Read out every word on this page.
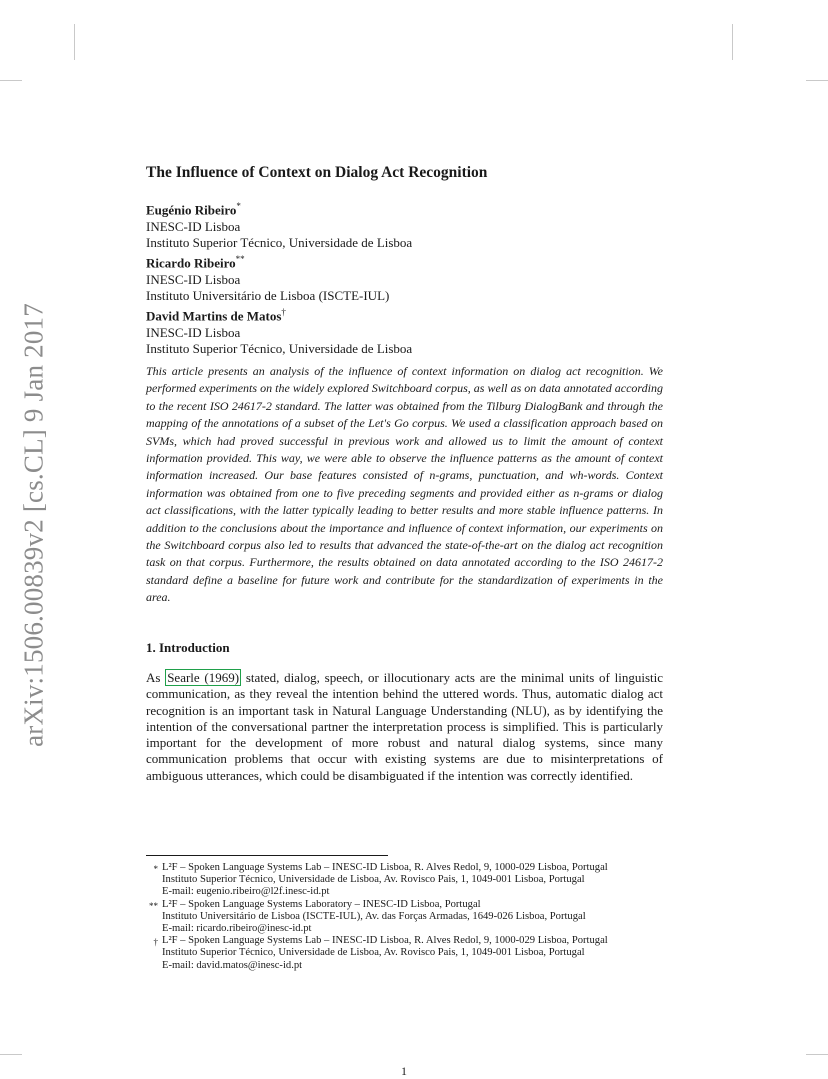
arXiv:1506.00839v2 [cs.CL] 9 Jan 2017
The Influence of Context on Dialog Act Recognition
Eugénio Ribeiro*
INESC-ID Lisboa
Instituto Superior Técnico, Universidade de Lisboa
Ricardo Ribeiro**
INESC-ID Lisboa
Instituto Universitário de Lisboa (ISCTE-IUL)
David Martins de Matos†
INESC-ID Lisboa
Instituto Superior Técnico, Universidade de Lisboa
This article presents an analysis of the influence of context information on dialog act recognition. We performed experiments on the widely explored Switchboard corpus, as well as on data annotated according to the recent ISO 24617-2 standard. The latter was obtained from the Tilburg DialogBank and through the mapping of the annotations of a subset of the Let's Go corpus. We used a classification approach based on SVMs, which had proved successful in previous work and allowed us to limit the amount of context information provided. This way, we were able to observe the influence patterns as the amount of context information increased. Our base features consisted of n-grams, punctuation, and wh-words. Context information was obtained from one to five preceding segments and provided either as n-grams or dialog act classifications, with the latter typically leading to better results and more stable influence patterns. In addition to the conclusions about the importance and influence of context information, our experiments on the Switchboard corpus also led to results that advanced the state-of-the-art on the dialog act recognition task on that corpus. Furthermore, the results obtained on data annotated according to the ISO 24617-2 standard define a baseline for future work and contribute for the standardization of experiments in the area.
1. Introduction
As Searle (1969) stated, dialog, speech, or illocutionary acts are the minimal units of linguistic communication, as they reveal the intention behind the uttered words. Thus, automatic dialog act recognition is an important task in Natural Language Understanding (NLU), as by identifying the intention of the conversational partner the interpretation process is simplified. This is particularly important for the development of more robust and natural dialog systems, since many communication problems that occur with existing systems are due to misinterpretations of ambiguous utterances, which could be disambiguated if the intention was correctly identified.
* L²F – Spoken Language Systems Lab – INESC-ID Lisboa, R. Alves Redol, 9, 1000-029 Lisboa, Portugal
Instituto Superior Técnico, Universidade de Lisboa, Av. Rovisco Pais, 1, 1049-001 Lisboa, Portugal
E-mail: eugenio.ribeiro@l2f.inesc-id.pt
** L²F – Spoken Language Systems Laboratory – INESC-ID Lisboa, Portugal
Instituto Universitário de Lisboa (ISCTE-IUL), Av. das Forças Armadas, 1649-026 Lisboa, Portugal
E-mail: ricardo.ribeiro@inesc-id.pt
† L²F – Spoken Language Systems Lab – INESC-ID Lisboa, R. Alves Redol, 9, 1000-029 Lisboa, Portugal
Instituto Superior Técnico, Universidade de Lisboa, Av. Rovisco Pais, 1, 1049-001 Lisboa, Portugal
E-mail: david.matos@inesc-id.pt
1
